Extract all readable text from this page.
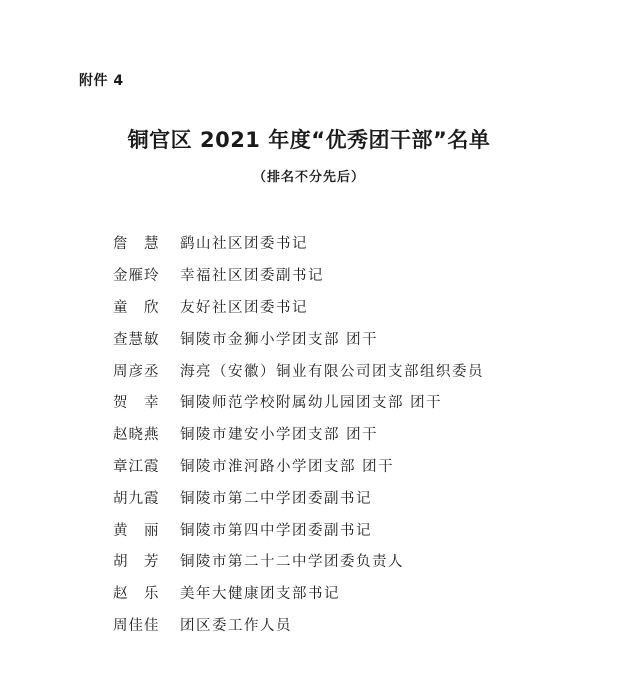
附件 4
铜官区 2021 年度“优秀团干部”名单
（排名不分先后）
詹　慧	鹞山社区团委书记
金雁玲	幸福社区团委副书记
童　欣	友好社区团委书记
查慧敏	铜陵市金狮小学团支部 团干
周彦丞	海亮（安徽）铜业有限公司团支部组织委员
贺　幸	铜陵师范学校附属幼儿园团支部 团干
赵晓燕	铜陵市建安小学团支部 团干
章江霞	铜陵市淮河路小学团支部 团干
胡九霞	铜陵市第二中学团委副书记
黄　丽	铜陵市第四中学团委副书记
胡　芳	铜陵市第二十二中学团委负责人
赵　乐	美年大健康团支部书记
周佳佳	团区委工作人员
